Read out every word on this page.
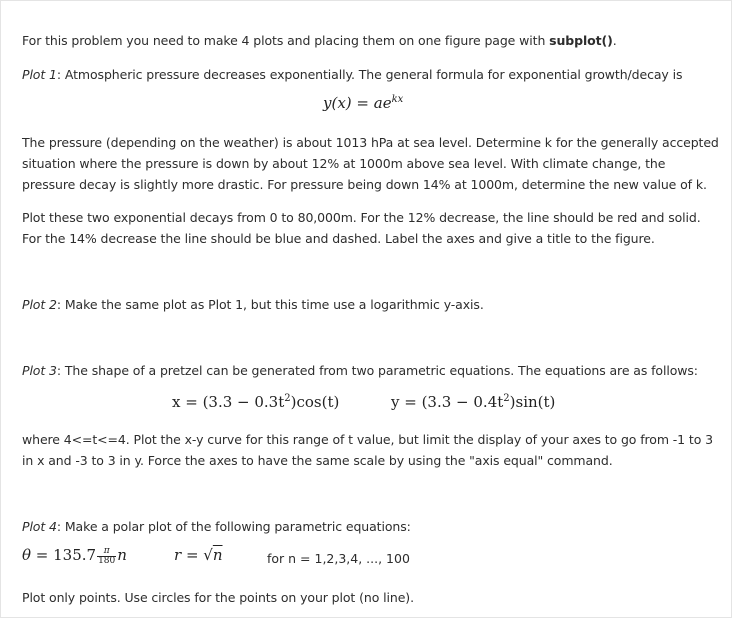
For this problem you need to make 4 plots and placing them on one figure page with subplot().

Plot 1: Atmospheric pressure decreases exponentially. The general formula for exponential growth/decay is

$y(x) = ae^{kx}$

The pressure (depending on the weather) is about 1013 hPa at sea level. Determine k for the generally accepted situation where the pressure is down by about 12% at 1000m above sea level. With climate change, the pressure decay is slightly more drastic. For pressure being down 14% at 1000m, determine the new value of k.

Plot these two exponential decays from 0 to 80,000m. For the 12% decrease, the line should be red and solid. For the 14% decrease the line should be blue and dashed. Label the axes and give a title to the figure.

Plot 2: Make the same plot as Plot 1, but this time use a logarithmic y-axis.

Plot 3: The shape of a pretzel can be generated from two parametric equations. The equations are as follows:

$x = (3.3 - 0.3t^2)\cos(t)$	$y = (3.3 - 0.4t^2)\sin(t)$

where 4<=t<=4. Plot the x-y curve for this range of t value, but limit the display of your axes to go from -1 to 3 in x and -3 to 3 in y. Force the axes to have the same scale by using the "axis equal" command.

Plot 4: Make a polar plot of the following parametric equations:

$\theta = 135.7 \frac{\pi}{180}$ n	r = √n	for n = 1,2,3,4, ..., 100

Plot only points. Use circles for the points on your plot (no line).
